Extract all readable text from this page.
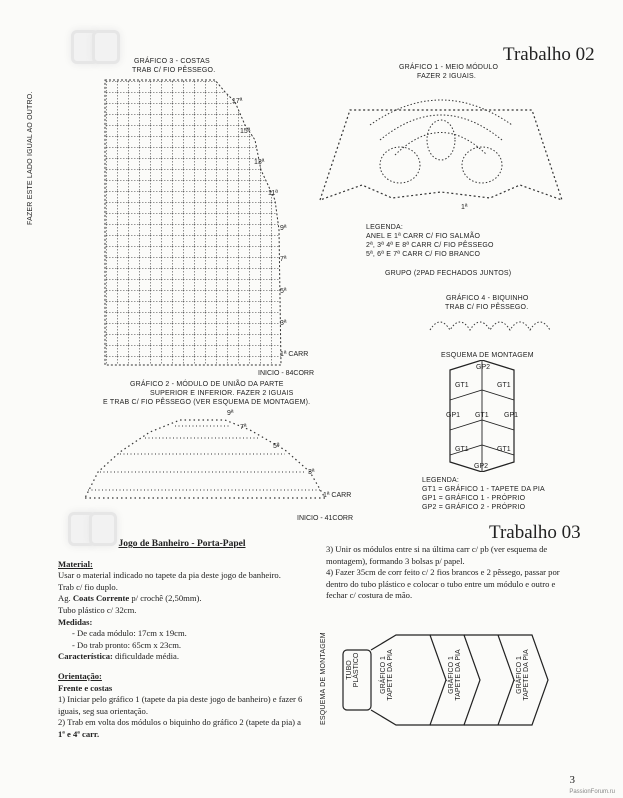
Trabalho 02
GRÁFICO 3 - COSTAS
TRAB C/ FIO PÊSSEGO.
FAZER ESTE LADO IGUAL AO OUTRO.	17ª
15ª
13ª
11ª
9ª
7ª
5ª
3ª
1ª CARR
INICIO - 84CORR
GRÁFICO 2 - MÓDULO DE UNIÃO DA PARTE
SUPERIOR E INFERIOR. FAZER 2 IGUAIS
E TRAB C/ FIO PÊSSEGO (VER ESQUEMA DE MONTAGEM).
9ª
7ª
5ª
3ª
1ª CARR
INICIO - 41CORR
GRÁFICO 1 - MEIO MÓDULO
FAZER 2 IGUAIS.
1ª
LEGENDA:
ANEL E 1ª CARR C/ FIO SALMÃO
2ª, 3ª 4ª E 8ª CARR C/ FIO PÊSSEGO
5ª, 6ª E 7ª CARR C/ FIO BRANCO
GRUPO (2PAD FECHADOS JUNTOS)
GRÁFICO 4 - BIQUINHO
TRAB C/ FIO PÊSSEGO.
ESQUEMA DE MONTAGEM
GP2
GT1	GT1
GP1 GT1 GP1
GT1	GT1
GP2
LEGENDA:
GT1 = GRÁFICO 1 - TAPETE DA PIA
GP1 = GRÁFICO 1 - PRÓPRIO
GP2 = GRÁFICO 2 - PRÓPRIO
Trabalho 03
Jogo de Banheiro - Porta-Papel
Material:
Usar o material indicado no tapete da pia deste jogo de banheiro.
Trab c/ fio duplo.
Ag. Coats Corrente p/ crochê (2,50mm).
Tubo plástico c/ 32cm.
Medidas:
- De cada módulo: 17cm x 19cm.
- Do trab pronto: 65cm x 23cm.
Característica: dificuldade média.
Orientação:
Frente e costas
1) Iniciar pelo gráfico 1 (tapete da pia deste jogo de banheiro) e fazer 6 iguais, seg sua orientação.
2) Trab em volta dos módulos o biquinho do gráfico 2 (tapete da pia) a 1ª e 4ª carr.
3) Unir os módulos entre si na última carr c/ pb (ver esquema de montagem), formando 3 bolsas p/ papel.
4) Fazer 35cm de corr feito c/ 2 fios brancos e 2 pêssego, passar por dentro do tubo plástico e colocar o tubo entre um módulo e outro e fechar c/ costura de mão.
ESQUEMA DE MONTAGEM	TUBO PLÁSTICO	GRÁFICO 1 TAPETE DA PIA	GRÁFICO 1 TAPETE DA PIA	GRÁFICO 1 TAPETE DA PIA
3
PassionForum.ru
